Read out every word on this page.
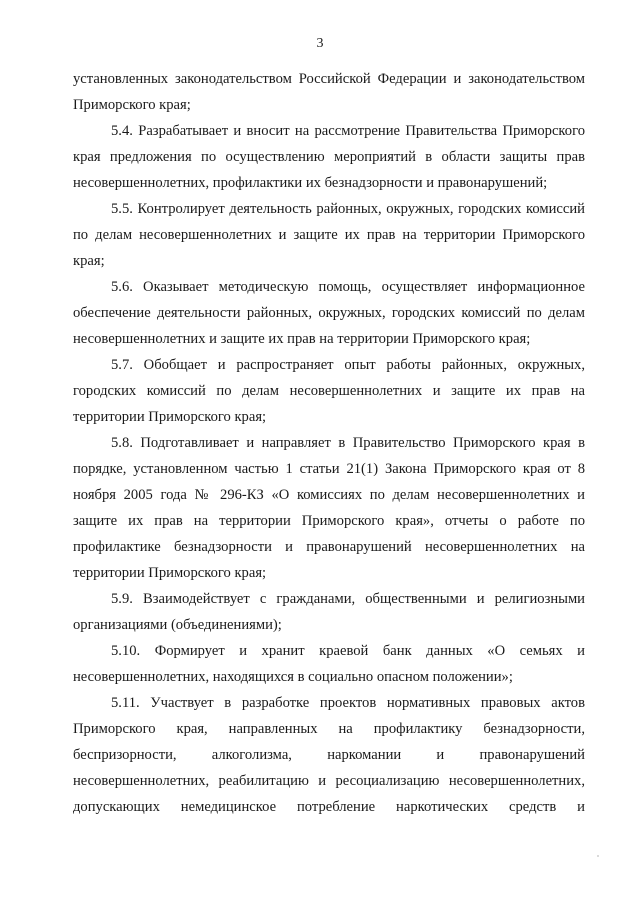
3

установленных законодательством Российской Федерации и законодательством Приморского края;

5.4. Разрабатывает и вносит на рассмотрение Правительства Приморского края предложения по осуществлению мероприятий в области защиты прав несовершеннолетних, профилактики их безнадзорности и правонарушений;

5.5. Контролирует деятельность районных, окружных, городских комиссий по делам несовершеннолетних и защите их прав на территории Приморского края;

5.6. Оказывает методическую помощь, осуществляет информационное обеспечение деятельности районных, окружных, городских комиссий по делам несовершеннолетних и защите их прав на территории Приморского края;

5.7. Обобщает и распространяет опыт работы районных, окружных, городских комиссий по делам несовершеннолетних и защите их прав на территории Приморского края;

5.8. Подготавливает и направляет в Правительство Приморского края в порядке, установленном частью 1 статьи 21(1) Закона Приморского края от 8 ноября 2005 года № 296-КЗ «О комиссиях по делам несовершеннолетних и защите их прав на территории Приморского края», отчеты о работе по профилактике безнадзорности и правонарушений несовершеннолетних на территории Приморского края;

5.9. Взаимодействует с гражданами, общественными и религиозными организациями (объединениями);

5.10. Формирует и хранит краевой банк данных «О семьях и несовершеннолетних, находящихся в социально опасном положении»;

5.11. Участвует в разработке проектов нормативных правовых актов Приморского края, направленных на профилактику безнадзорности, беспризорности, алкоголизма, наркомании и правонарушений несовершеннолетних, реабилитацию и ресоциализацию несовершеннолетних, допускающих немедицинское потребление наркотических средств и
